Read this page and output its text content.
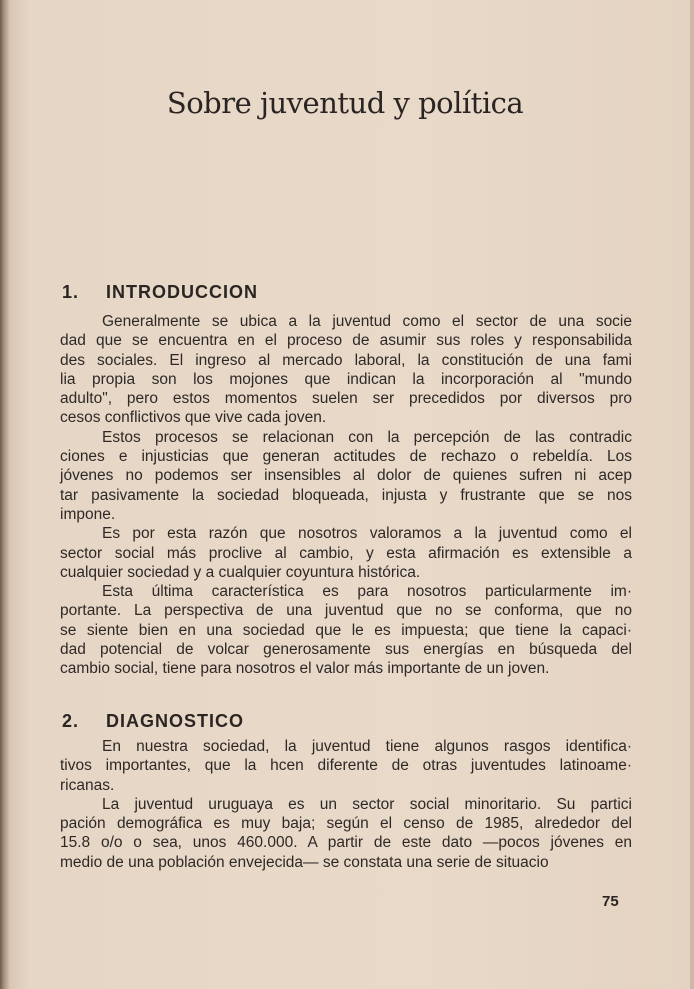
Sobre juventud y política
1. INTRODUCCION
Generalmente se ubica a la juventud como el sector de una socie
dad que se encuentra en el proceso de asumir sus roles y responsabilida
des sociales. El ingreso al mercado laboral, la constitución de una fami
lia propia son los mojones que indican la incorporación al "mundo
adulto", pero estos momentos suelen ser precedidos por diversos pro
cesos conflictivos que vive cada joven.
Estos procesos se relacionan con la percepción de las contradic
ciones e injusticias que generan actitudes de rechazo o rebeldía. Los
jóvenes no podemos ser insensibles al dolor de quienes sufren ni acep
tar pasivamente la sociedad bloqueada, injusta y frustrante que se nos
impone.
Es por esta razón que nosotros valoramos a la juventud como el
sector social más proclive al cambio, y esta afirmación es extensible a
cualquier sociedad y a cualquier coyuntura histórica.
Esta última característica es para nosotros particularmente im·
portante. La perspectiva de una juventud que no se conforma, que no
se siente bien en una sociedad que le es impuesta; que tiene la capaci·
dad potencial de volcar generosamente sus energías en búsqueda del
cambio social, tiene para nosotros el valor más importante de un joven.
2. DIAGNOSTICO
En nuestra sociedad, la juventud tiene algunos rasgos identifica·
tivos importantes, que la hcen diferente de otras juventudes latinoame·
ricanas.
La juventud uruguaya es un sector social minoritario. Su partici
pación demográfica es muy baja; según el censo de 1985, alrededor del
15.8 o/o o sea, unos 460.000. A partir de este dato —pocos jóvenes en
medio de una población envejecida— se constata una serie de situacio
75
